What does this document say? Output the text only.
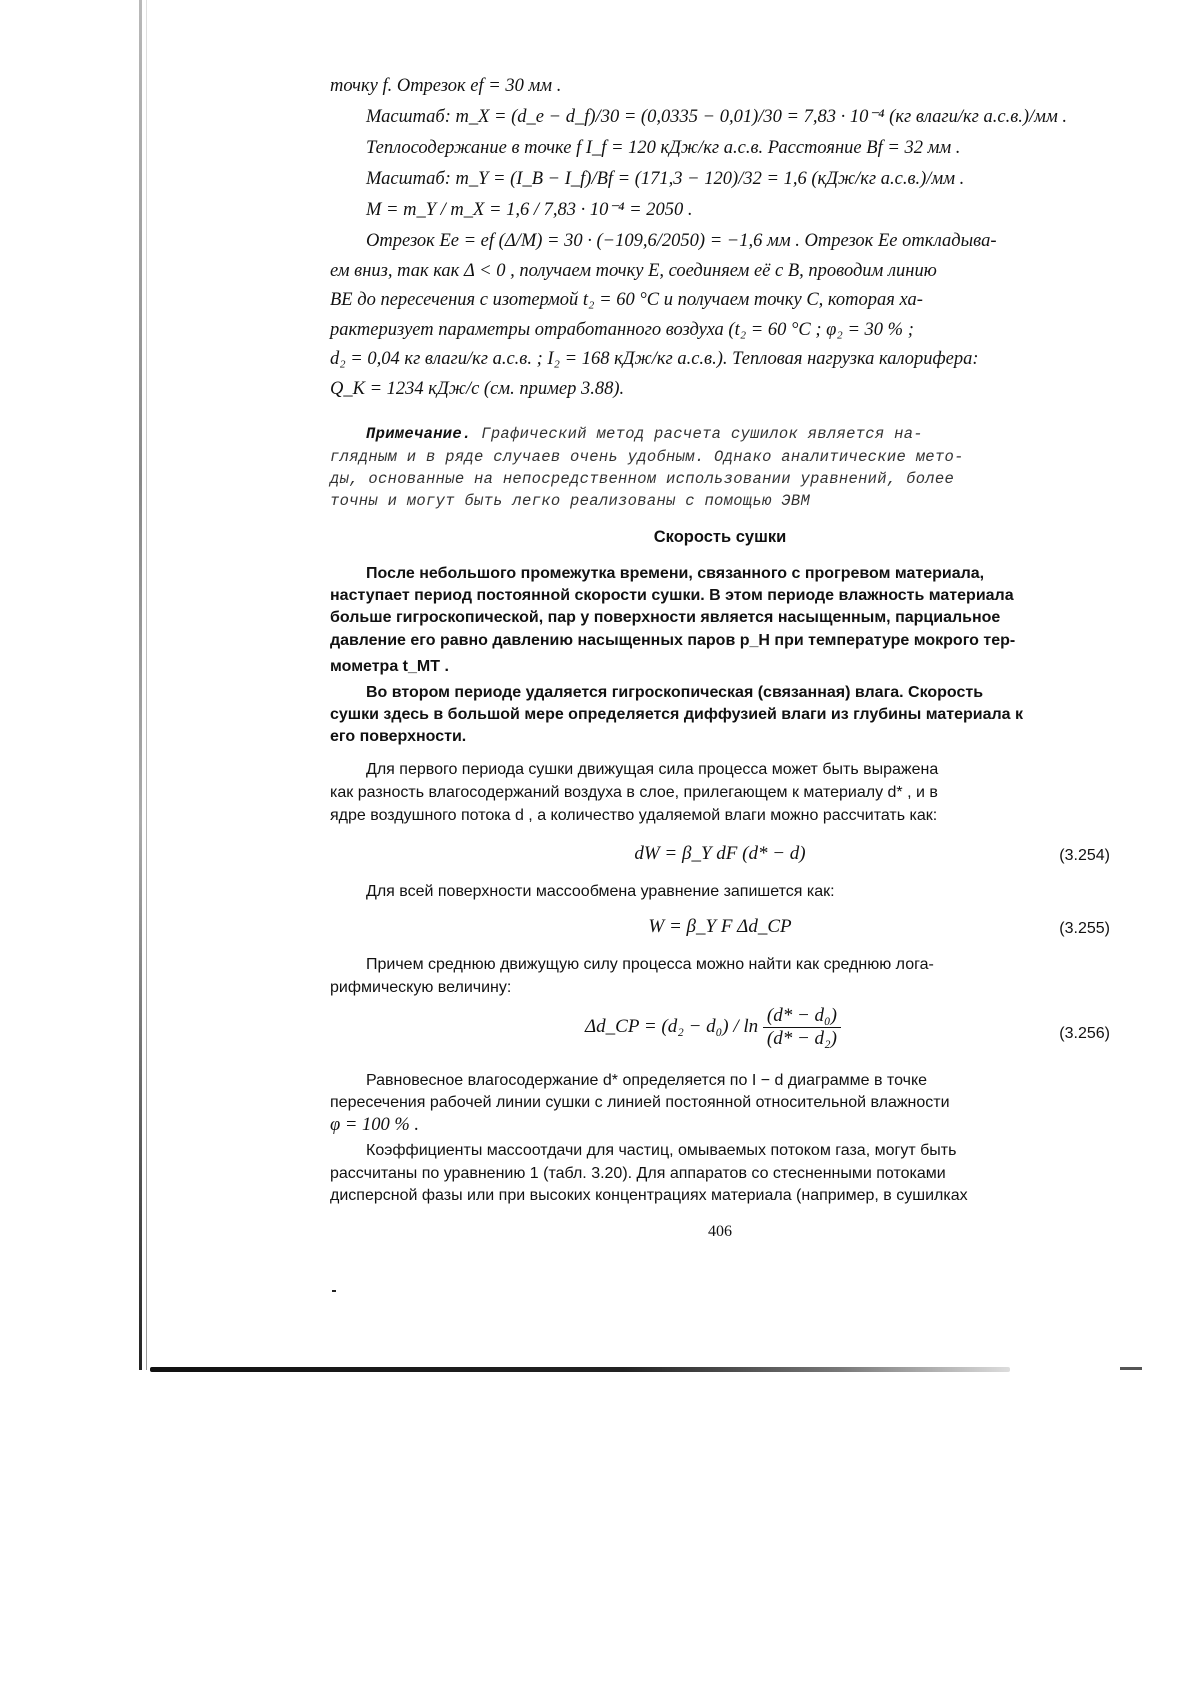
точку f. Отрезок ef = 30 мм .
Масштаб: m_X = (d_e − d_f)/30 = (0,0335 − 0,01)/30 = 7,83 · 10⁻⁴ (кг влаги/кг а.с.в.)/мм .
Теплосодержание в точке f I_f = 120 кДж/кг а.с.в. Расстояние Bf = 32 мм .
Масштаб: m_Y = (I_B − I_f)/Bf = (171,3 − 120)/32 = 1,6 (кДж/кг а.с.в.)/мм .
M = m_Y / m_X = 1,6 / 7,83 · 10⁻⁴ = 2050 .
Отрезок Ee = ef (Δ/M) = 30 · (−109,6/2050) = −1,6 мм . Отрезок Ee откладыва-
ем вниз, так как Δ < 0 , получаем точку E, соединяем её с B, проводим линию
BE до пересечения с изотермой t₂ = 60 °C и получаем точку C, которая ха-
рактеризует параметры отработанного воздуха (t₂ = 60 °C ; φ₂ = 30 % ;
d₂ = 0,04 кг влаги/кг а.с.в. ; I₂ = 168 кДж/кг а.с.в.). Тепловая нагрузка калорифера:
Q_K = 1234 кДж/с (см. пример 3.88).
Примечание. Графический метод расчета сушилок является на-
глядным и в ряде случаев очень удобным. Однако аналитические мето-
ды, основанные на непосредственном использовании уравнений, более
точны и могут быть легко реализованы с помощью ЭВМ
Скорость сушки
После небольшого промежутка времени, связанного с прогревом материала,
наступает период постоянной скорости сушки. В этом периоде влажность материала
больше гигроскопической, пар у поверхности является насыщенным, парциальное
давление его равно давлению насыщенных паров p_H при температуре мокрого тер-
мометра t_MT .
Во втором периоде удаляется гигроскопическая (связанная) влага. Скорость
сушки здесь в большой мере определяется диффузией влаги из глубины материала к
его поверхности.
Для первого периода сушки движущая сила процесса может быть выражена
как разность влагосодержаний воздуха в слое, прилегающем к материалу d* , и в
ядре воздушного потока d , а количество удаляемой влаги можно рассчитать как:
dW = β_Y dF (d* − d)	(3.254)
Для всей поверхности массообмена уравнение запишется как:
W = β_Y F Δd_CP	(3.255)
Причем среднюю движущую силу процесса можно найти как среднюю лога-
рифмическую величину:
Δd_CP = $(d_2 - d_0) / \ln \frac{\text{(d* − d₀)}}{\text{(d* − d₂)}}$	(3.256)
Равновесное влагосодержание d* определяется по I − d диаграмме в точке
пересечения рабочей линии сушки с линией постоянной относительной влажности
φ = 100 % .
Коэффициенты массоотдачи для частиц, омываемых потоком газа, могут быть
рассчитаны по уравнению 1 (табл. 3.20). Для аппаратов со стесненными потоками
дисперсной фазы или при высоких концентрациях материала (например, в сушилках
406
